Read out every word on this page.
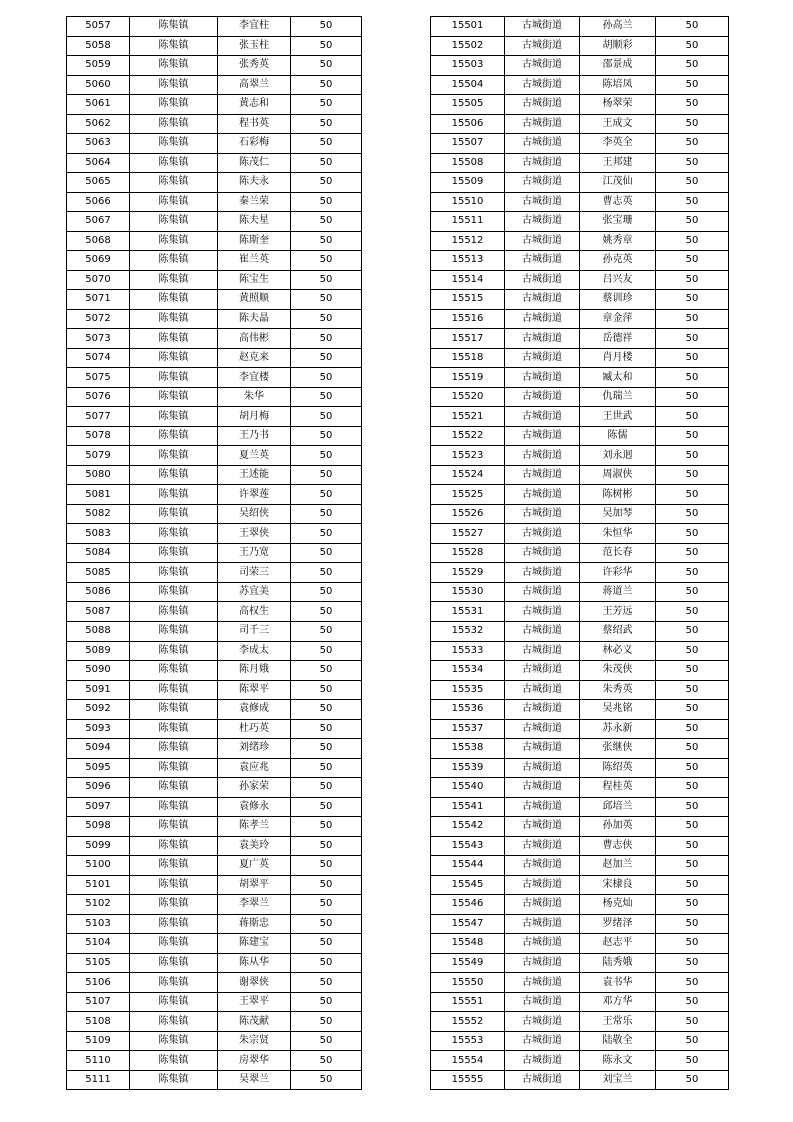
5057	陈集镇	李宜柱	50
5058	陈集镇	张玉柱	50
5059	陈集镇	张秀英	50
5060	陈集镇	高翠兰	50
5061	陈集镇	黄志和	50
5062	陈集镇	程书英	50
5063	陈集镇	石彩梅	50
5064	陈集镇	陈茂仁	50
5065	陈集镇	陈夫永	50
5066	陈集镇	秦兰荣	50
5067	陈集镇	陈夫星	50
5068	陈集镇	陈斯奎	50
5069	陈集镇	崔兰英	50
5070	陈集镇	陈宝生	50
5071	陈集镇	黄照顺	50
5072	陈集镇	陈夫晶	50
5073	陈集镇	高伟彬	50
5074	陈集镇	赵克来	50
5075	陈集镇	李宜楼	50
5076	陈集镇	朱华	50
5077	陈集镇	胡月梅	50
5078	陈集镇	王乃书	50
5079	陈集镇	夏兰英	50
5080	陈集镇	王述能	50
5081	陈集镇	许翠莲	50
5082	陈集镇	吴绍侠	50
5083	陈集镇	王翠侠	50
5084	陈集镇	王乃宽	50
5085	陈集镇	司荣三	50
5086	陈集镇	苏宜美	50
5087	陈集镇	高权生	50
5088	陈集镇	司千三	50
5089	陈集镇	李成太	50
5090	陈集镇	陈月娥	50
5091	陈集镇	陈翠平	50
5092	陈集镇	袁修成	50
5093	陈集镇	杜巧英	50
5094	陈集镇	刘绪珍	50
5095	陈集镇	袁应兆	50
5096	陈集镇	孙家荣	50
5097	陈集镇	袁修永	50
5098	陈集镇	陈孝兰	50
5099	陈集镇	袁美玲	50
5100	陈集镇	夏广英	50
5101	陈集镇	胡翠平	50
5102	陈集镇	李翠兰	50
5103	陈集镇	蒋斯忠	50
5104	陈集镇	陈建宝	50
5105	陈集镇	陈从华	50
5106	陈集镇	谢翠侠	50
5107	陈集镇	王翠平	50
5108	陈集镇	陈茂献	50
5109	陈集镇	朱宗贤	50
5110	陈集镇	房翠华	50
5111	陈集镇	吴翠兰	50
15501	古城街道	孙高兰	50
15502	古城街道	胡顺彩	50
15503	古城街道	邵景成	50
15504	古城街道	陈培凤	50
15505	古城街道	杨翠荣	50
15506	古城街道	王成文	50
15507	古城街道	李英全	50
15508	古城街道	王邦建	50
15509	古城街道	江茂仙	50
15510	古城街道	曹志英	50
15511	古城街道	张宝珊	50
15512	古城街道	姚秀章	50
15513	古城街道	孙克英	50
15514	古城街道	吕兴友	50
15515	古城街道	蔡训珍	50
15516	古城街道	章金萍	50
15517	古城街道	岳德祥	50
15518	古城街道	肖月楼	50
15519	古城街道	臧太和	50
15520	古城街道	仇瑞兰	50
15521	古城街道	王世武	50
15522	古城街道	陈儒	50
15523	古城街道	刘永迥	50
15524	古城街道	周淑侠	50
15525	古城街道	陈树彬	50
15526	古城街道	吴加琴	50
15527	古城街道	朱恒华	50
15528	古城街道	范长春	50
15529	古城街道	许彩华	50
15530	古城街道	蒋道兰	50
15531	古城街道	王芳远	50
15532	古城街道	蔡绍武	50
15533	古城街道	林必义	50
15534	古城街道	朱茂侠	50
15535	古城街道	朱秀英	50
15536	古城街道	吴兆铭	50
15537	古城街道	苏永新	50
15538	古城街道	张继侠	50
15539	古城街道	陈绍英	50
15540	古城街道	程桂英	50
15541	古城街道	邱培兰	50
15542	古城街道	孙加英	50
15543	古城街道	曹志侠	50
15544	古城街道	赵加兰	50
15545	古城街道	宋棣良	50
15546	古城街道	杨克灿	50
15547	古城街道	罗绪泽	50
15548	古城街道	赵志平	50
15549	古城街道	陆秀娥	50
15550	古城街道	袁书华	50
15551	古城街道	邓方华	50
15552	古城街道	王常乐	50
15553	古城街道	陆敬全	50
15554	古城街道	陈永文	50
15555	古城街道	刘宝兰	50
